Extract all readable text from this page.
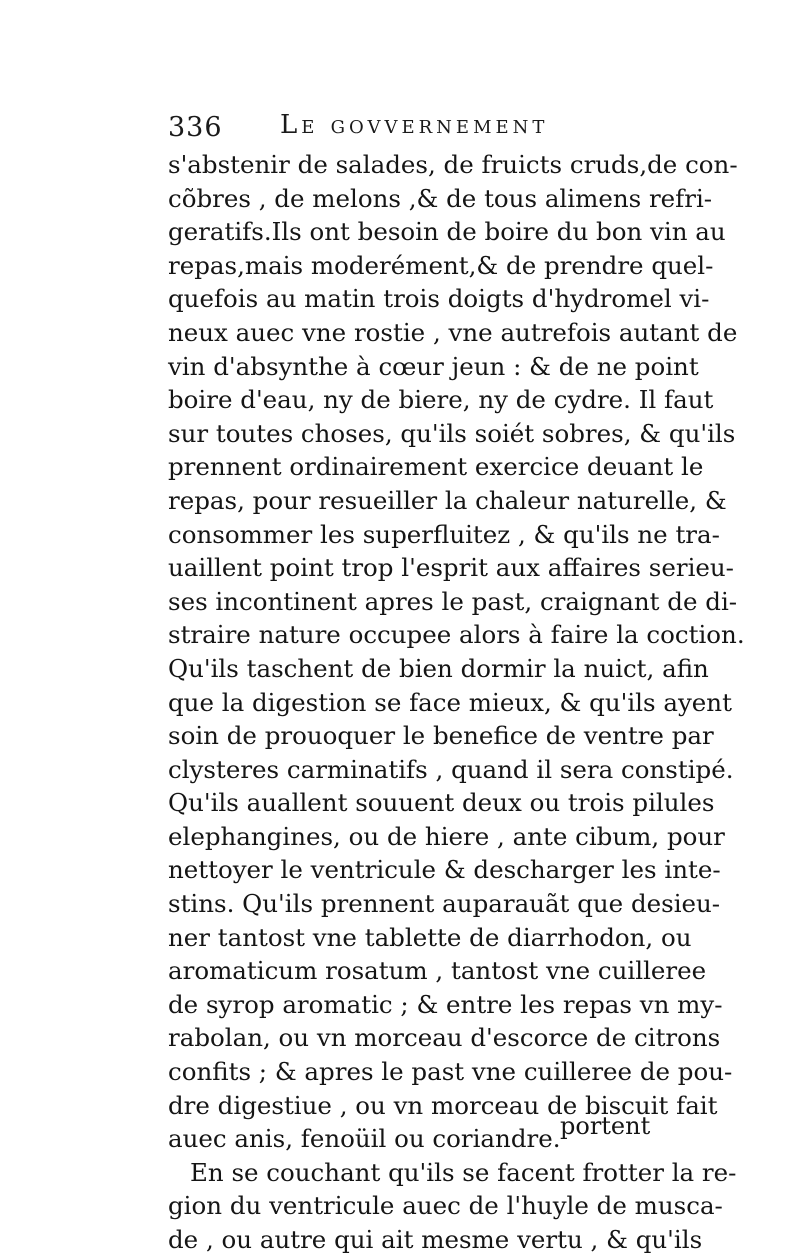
336 Le govvernement
s'abstenir de salades, de fruicts cruds,de con-
cõbres , de melons ,& de tous alimens refri-
geratifs.Ils ont besoin de boire du bon vin au
repas,mais moderément,& de prendre quel-
quefois au matin trois doigts d'hydromel vi-
neux auec vne rostie , vne autrefois autant de
vin d'absynthe à cœur jeun : & de ne point
boire d'eau, ny de biere, ny de cydre. Il faut
sur toutes choses, qu'ils soiét sobres, & qu'ils
prennent ordinairement exercice deuant le
repas, pour resueiller la chaleur naturelle, &
consommer les superfluitez , & qu'ils ne tra-
uaillent point trop l'esprit aux affaires serieu-
ses incontinent apres le past, craignant de di-
straire nature occupee alors à faire la coction.
Qu'ils taschent de bien dormir la nuict, afin
que la digestion se face mieux, & qu'ils ayent
soin de prouoquer le benefice de ventre par
clysteres carminatifs , quand il sera constipé.
Qu'ils auallent souuent deux ou trois pilules
elephangines, ou de hiere , ante cibum, pour
nettoyer le ventricule & descharger les inte-
stins. Qu'ils prennent auparauãt que desieu-
ner tantost vne tablette de diarrhodon, ou
aromaticum rosatum , tantost vne cuilleree
de syrop aromatic ; & entre les repas vn my-
rabolan, ou vn morceau d'escorce de citrons
confits ; & apres le past vne cuilleree de pou-
dre digestiue , ou vn morceau de biscuit fait
auec anis, fenoüil ou coriandre.
En se couchant qu'ils se facent frotter la re-
gion du ventricule auec de l'huyle de musca-
de , ou autre qui ait mesme vertu , & qu'ils
portent
